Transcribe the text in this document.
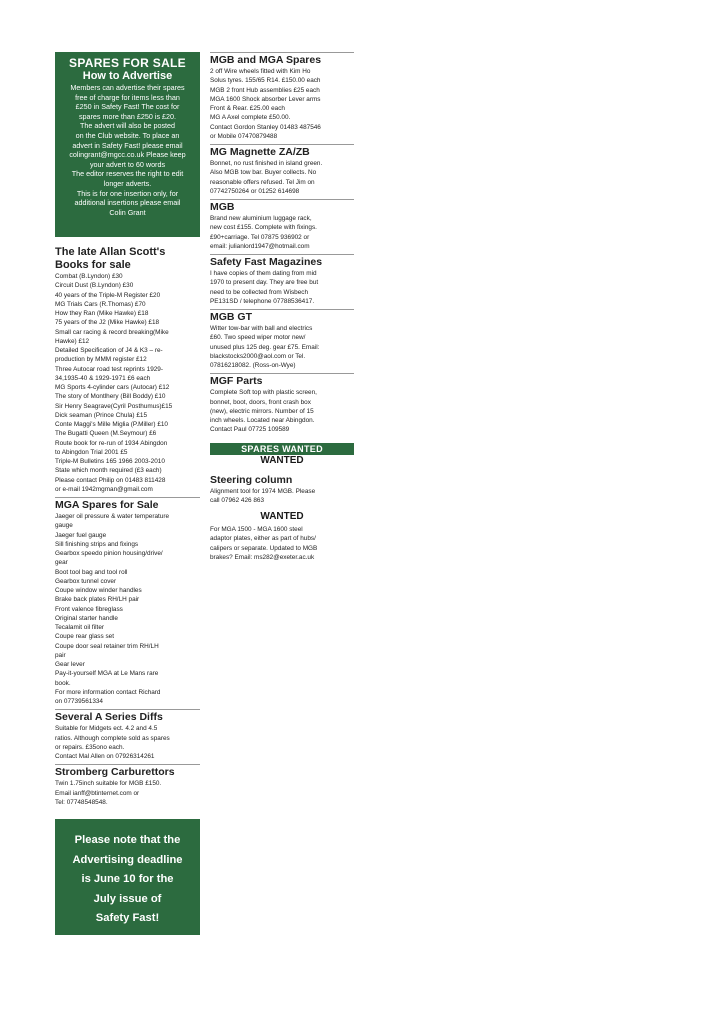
SPARES FOR SALE
How to Advertise
Members can advertise their spares
free of charge for items less than
£250 in Safety Fast! The cost for
spares more than £250 is £20.
The advert will also be posted
on the Club website. To place an
advert in Safety Fast! please email
colingrant@mgcc.co.uk Please keep
your advert to 60 words
The editor reserves the right to edit
longer adverts.
This is for one insertion only, for
additional insertions please email
Colin Grant
The late Allan Scott's
Books for sale
Combat (B.Lyndon) £30
Circuit Dust (B.Lyndon) £30
40 years of the Triple-M Register £20
MG Trials Cars (R.Thomas) £70
How they Ran (Mike Hawke) £18
75 years of the J2 (Mike Hawke) £18
Small car racing & record breaking(Mike
Hawke) £12
Detailed Specification of J4 & K3 – re-
production by MMM register £12
Three Autocar road test reprints 1929-
34,1935-40 & 1929-1971 £6 each
MG Sports 4-cylinder cars (Autocar) £12
The story of Montlhery (Bill Boddy) £10
Sir Henry Seagrave(Cyril Posthumus)£15
Dick seaman (Prince Chula) £15
Conte Maggi's Mille Miglia (P.Miller) £10
The Bugatti Queen (M.Seymour) £6
Route book for re-run of 1934 Abingdon
to Abingdon Trial 2001 £5
Triple-M Bulletins 165 1966 2003-2010
State which month required (£3 each)
Please contact Philip on 01483 811428
or e-mail 1942mgman@gmail.com
MGA Spares for Sale
Jaeger oil pressure & water temperature
gauge
Jaeger fuel gauge
Sill finishing strips and fixings
Gearbox speedo pinion housing/drive/
gear
Boot tool bag and tool roll
Gearbox tunnel cover
Coupe window winder handles
Brake back plates RH/LH pair
Front valence fibreglass
Original starter handle
Tecalamit oil filter
Coupe rear glass set
Coupe door seal retainer trim RH/LH
pair
Gear lever
Pay-it-yourself MGA at Le Mans rare
book.
For more information contact Richard
on 07739561334
Several A Series Diffs
Suitable for Midgets ect. 4.2 and 4.5
ratios. Although complete sold as spares
or repairs. £35ono each.
Contact Mal Allen on 07926314261
Stromberg Carburettors
Twin 1.75inch suitable for MGB £150.
Email ianff@btinternet.com or
Tel: 07748548548.
Please note that the
Advertising deadline
is June 10 for the
July issue of
Safety Fast!
MGB and MGA Spares
2 off Wire wheels fitted with Kim Ho
Solus tyres. 155/65 R14. £150.00 each
MGB 2 front Hub assemblies £25 each
MGA 1600 Shock absorber Lever arms
Front & Rear. £25.00 each
MG A Axel complete £50.00.
Contact Gordon Stanley 01483 487546
or Mobile 07470879488
MG Magnette ZA/ZB
Bonnet, no rust finished in island green.
Also MGB tow bar. Buyer collects. No
reasonable offers refused. Tel Jim on
07742750264 or 01252 614698
MGB
Brand new aluminium luggage rack,
new cost £155. Complete with fixings.
£90+carriage. Tel 07875 936902 or
email: julianlord1947@hotmail.com
Safety Fast Magazines
I have copies of them dating from mid
1970 to present day. They are free but
need to be collected from Wisbech
PE131SD / telephone 07788536417.
MGB GT
Witter tow-bar with ball and electrics
£60. Two speed wiper motor new/
unused plus 125 deg. gear £75. Email:
blackstocks2000@aol.com or Tel.
07816218082. (Ross-on-Wye)
MGF Parts
Complete Soft top with plastic screen,
bonnet, boot, doors, front crash box
(new), electric mirrors. Number of 15
inch wheels. Located near Abingdon.
Contact Paul 07725 109589
SPARES WANTED
WANTED
Steering column
Alignment tool for 1974 MGB. Please
call 07962 426 863
WANTED
For MGA 1500 - MGA 1600 steel
adaptor plates, either as part of hubs/
calipers or separate. Updated to MGB
brakes? Email: ms282@exeter.ac.uk
